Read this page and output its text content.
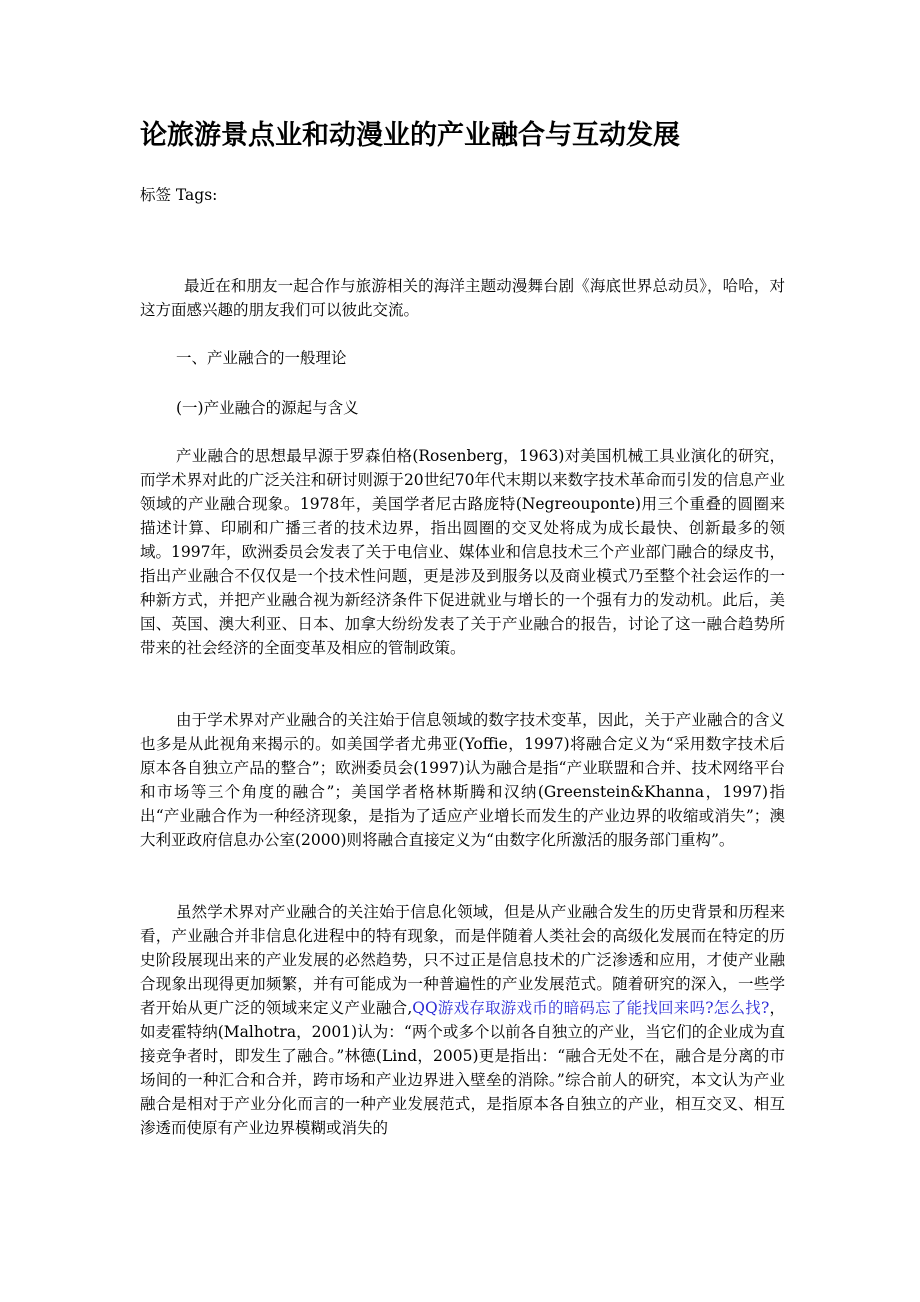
论旅游景点业和动漫业的产业融合与互动发展
标签 Tags:

最近在和朋友一起合作与旅游相关的海洋主题动漫舞台剧《海底世界总动员》，哈哈，对这方面感兴趣的朋友我们可以彼此交流。

一、产业融合的一般理论
(一)产业融合的源起与含义

产业融合的思想最早源于罗森伯格(Rosenberg，1963)对美国机械工具业演化的研究，而学术界对此的广泛关注和研讨则源于20世纪70年代末期以来数字技术革命而引发的信息产业领域的产业融合现象。1978年，美国学者尼古路庞特(Negreouponte)用三个重叠的圆圈来描述计算、印刷和广播三者的技术边界，指出圆圈的交叉处将成为成长最快、创新最多的领域。1997年，欧洲委员会发表了关于电信业、媒体业和信息技术三个产业部门融合的绿皮书，指出产业融合不仅仅是一个技术性问题，更是涉及到服务以及商业模式乃至整个社会运作的一种新方式，并把产业融合视为新经济条件下促进就业与增长的一个强有力的发动机。此后，美国、英国、澳大利亚、日本、加拿大纷纷发表了关于产业融合的报告，讨论了这一融合趋势所带来的社会经济的全面变革及相应的管制政策。

由于学术界对产业融合的关注始于信息领域的数字技术变革，因此，关于产业融合的含义也多是从此视角来揭示的。如美国学者尤弗亚(Yoffie，1997)将融合定义为“采用数字技术后原本各自独立产品的整合”；欧洲委员会(1997)认为融合是指“产业联盟和合并、技术网络平台和市场等三个角度的融合”；美国学者格林斯腾和汉纳(Greenstein&Khanna，1997)指出“产业融合作为一种经济现象，是指为了适应产业增长而发生的产业边界的收缩或消失”；澳大利亚政府信息办公室(2000)则将融合直接定义为“由数字化所激活的服务部门重构”。

虽然学术界对产业融合的关注始于信息化领域，但是从产业融合发生的历史背景和历程来看，产业融合并非信息化进程中的特有现象，而是伴随着人类社会的高级化发展而在特定的历史阶段展现出来的产业发展的必然趋势，只不过正是信息技术的广泛渗透和应用，才使产业融合现象出现得更加频繁，并有可能成为一种普遍性的产业发展范式。随着研究的深入，一些学者开始从更广泛的领域来定义产业融合,QQ游戏存取游戏币的暗码忘了能找回来吗?怎么找?，如麦霍特纳(Malhotra，2001)认为：“两个或多个以前各自独立的产业，当它们的企业成为直接竞争者时，即发生了融合。”林德(Lind，2005)更是指出：“融合无处不在，融合是分离的市场间的一种汇合和合并，跨市场和产业边界进入壁垒的消除。”综合前人的研究，本文认为产业融合是相对于产业分化而言的一种产业发展范式，是指原本各自独立的产业，相互交叉、相互渗透而使原有产业边界模糊或消失的
